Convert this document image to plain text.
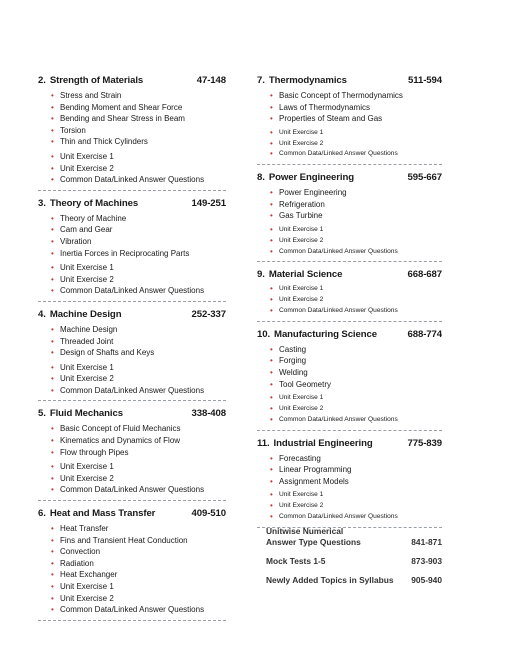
2. Strength of Materials	47-148
• Stress and Strain
• Bending Moment and Shear Force
• Bending and Shear Stress in Beam
• Torsion
• Thin and Thick Cylinders
• Unit Exercise 1
• Unit Exercise 2
• Common Data/Linked Answer Questions
3. Theory of Machines	149-251
• Theory of Machine
• Cam and Gear
• Vibration
• Inertia Forces in Reciprocating Parts
• Unit Exercise 1
• Unit Exercise 2
• Common Data/Linked Answer Questions
4. Machine Design	252-337
• Machine Design
• Threaded Joint
• Design of Shafts and Keys
• Unit Exercise 1
• Unit Exercise 2
• Common Data/Linked Answer Questions
5. Fluid Mechanics	338-408
• Basic Concept of Fluid Mechanics
• Kinematics and Dynamics of Flow
• Flow through Pipes
• Unit Exercise 1
• Unit Exercise 2
• Common Data/Linked Answer Questions
6. Heat and Mass Transfer	409-510
• Heat Transfer
• Fins and Transient Heat Conduction
• Convection
• Radiation
• Heat Exchanger
• Unit Exercise 1
• Unit Exercise 2
• Common Data/Linked Answer Questions
7. Thermodynamics	511-594
• Basic Concept of Thermodynamics
• Laws of Thermodynamics
• Properties of Steam and Gas
• Unit Exercise 1
• Unit Exercise 2
• Common Data/Linked Answer Questions
8. Power Engineering	595-667
• Power Engineering
• Refrigeration
• Gas Turbine
• Unit Exercise 1
• Unit Exercise 2
• Common Data/Linked Answer Questions
9. Material Science	668-687
• Unit Exercise 1
• Unit Exercise 2
• Common Data/Linked Answer Questions
10. Manufacturing Science	688-774
• Casting
• Forging
• Welding
• Tool Geometry
• Unit Exercise 1
• Unit Exercise 2
• Common Data/Linked Answer Questions
11. Industrial Engineering	775-839
• Forecasting
• Linear Programming
• Assignment Models
• Unit Exercise 1
• Unit Exercise 2
• Common Data/Linked Answer Questions
Unitwise Numerical
Answer Type Questions	841-871
Mock Tests 1-5	873-903
Newly Added Topics in Syllabus 905-940
